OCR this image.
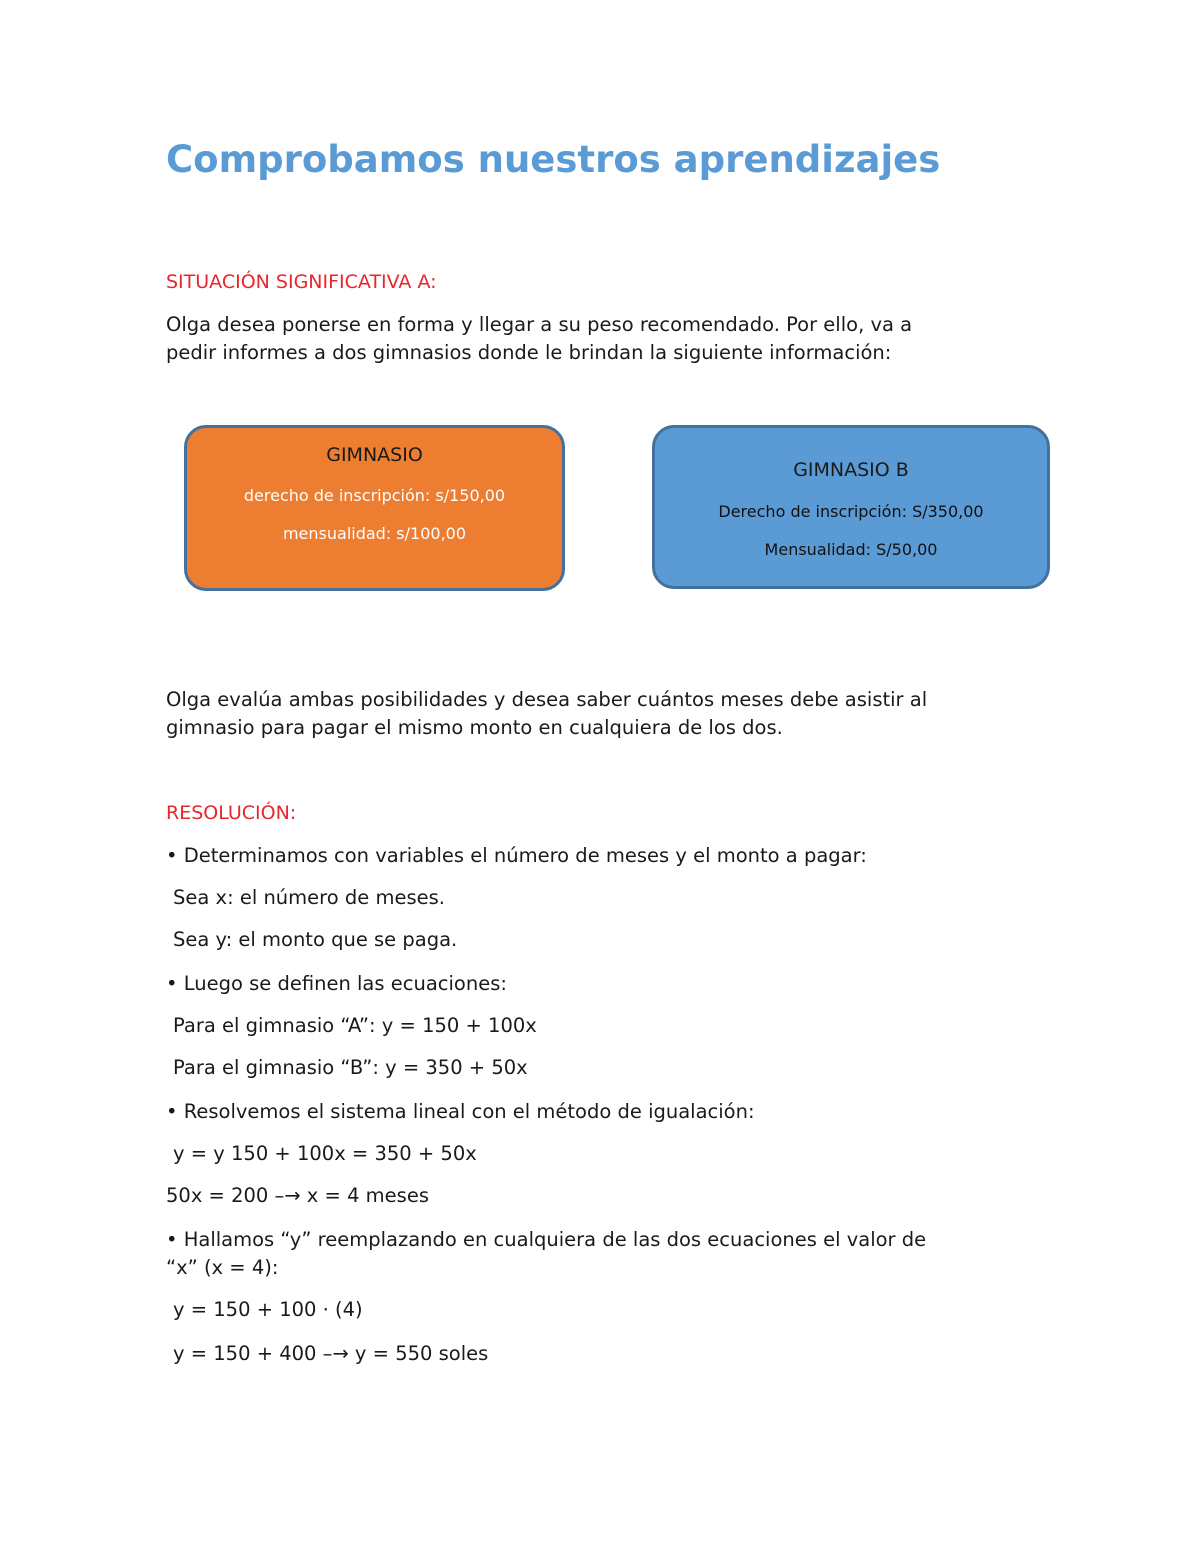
Comprobamos nuestros aprendizajes

SITUACIÓN SIGNIFICATIVA A:

Olga desea ponerse en forma y llegar a su peso recomendado. Por ello, va a

pedir informes a dos gimnasios donde le brindan la siguiente información:

GIMNASIO
derecho de inscripción: s/150,00
mensualidad: s/100,00
GIMNASIO B
Derecho de inscripción: S/350,00
Mensualidad: S/50,00

Olga evalúa ambas posibilidades y desea saber cuántos meses debe asistir al

gimnasio para pagar el mismo monto en cualquiera de los dos.

RESOLUCIÓN:

• Determinamos con variables el número de meses y el monto a pagar:

Sea x: el número de meses.

Sea y: el monto que se paga.

• Luego se definen las ecuaciones:

Para el gimnasio “A”: y = 150 + 100x

Para el gimnasio “B”: y = 350 + 50x

• Resolvemos el sistema lineal con el método de igualación:

y = y 150 + 100x = 350 + 50x

50x = 200 –→ x = 4 meses

• Hallamos “y” reemplazando en cualquiera de las dos ecuaciones el valor de

“x” (x = 4):

y = 150 + 100 · (4)

y = 150 + 400 –→ y = 550 soles
